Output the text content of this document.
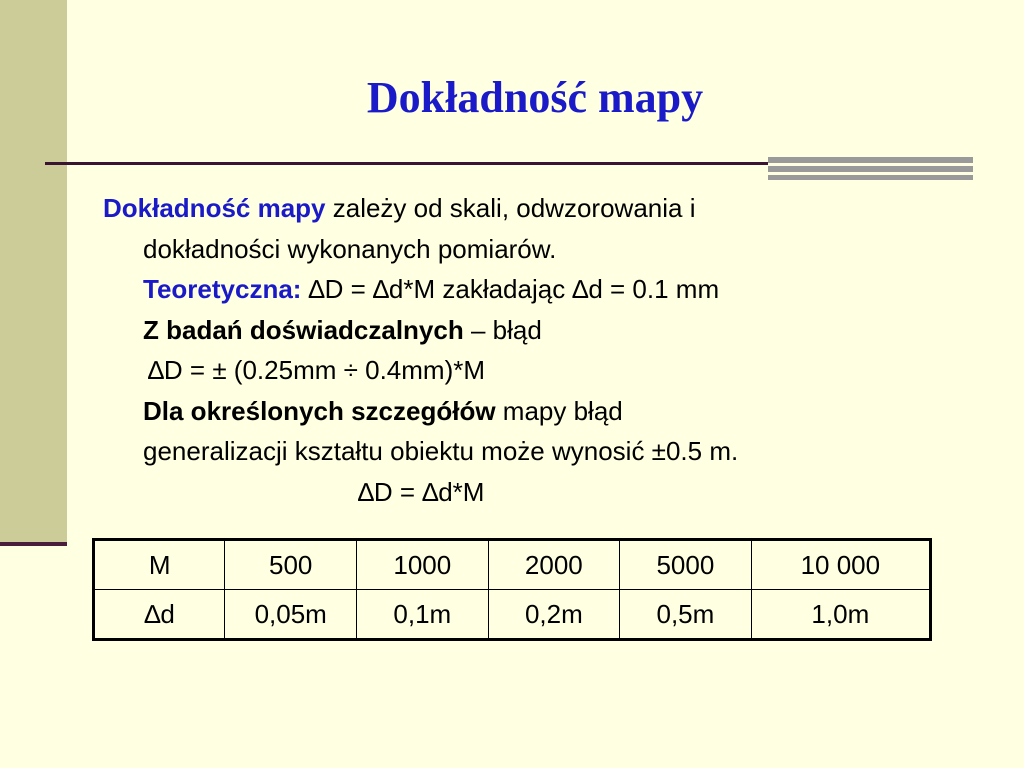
Dokładność mapy
Dokładność mapy zależy od skali, odwzorowania i
dokładności wykonanych pomiarów.
Teoretyczna: ∆D = ∆d*M zakładając ∆d = 0.1 mm
Z badań doświadczalnych – błąd
∆D = ± (0.25mm ÷ 0.4mm)*M
Dla określonych szczegółów mapy błąd
generalizacji kształtu obiektu może wynosić ±0.5 m.
∆D = ∆d*M
M	500	1000	2000	5000	10 000
∆d	0,05m	0,1m	0,2m	0,5m	1,0m
